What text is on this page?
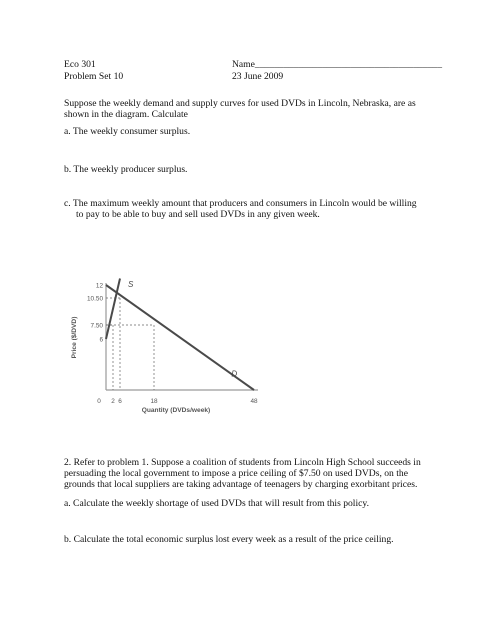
Eco 301
Problem Set 10
Name_______________________________________
23 June 2009
Suppose the weekly demand and supply curves for used DVDs in Lincoln, Nebraska, are as shown in the diagram. Calculate
a. The weekly consumer surplus.
b. The weekly producer surplus.
c. The maximum weekly amount that producers and consumers in Lincoln would be willing
to pay to be able to buy and sell used DVDs in any given week.
S
D
12
10.50
7.50
6
0 2 6	18	48
Quantity (DVDs/week)
Price ($/DVD)
2. Refer to problem 1. Suppose a coalition of students from Lincoln High School succeeds in persuading the local government to impose a price ceiling of $7.50 on used DVDs, on the grounds that local suppliers are taking advantage of teenagers by charging exorbitant prices.
a. Calculate the weekly shortage of used DVDs that will result from this policy.
b. Calculate the total economic surplus lost every week as a result of the price ceiling.
